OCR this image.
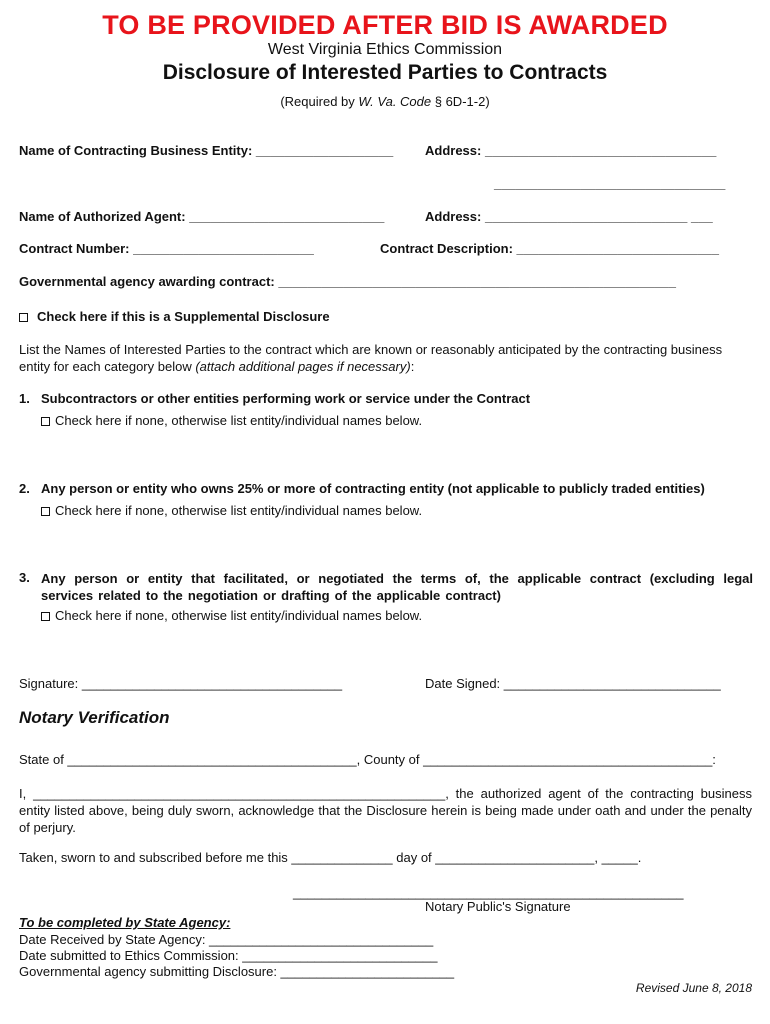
TO BE PROVIDED AFTER BID IS AWARDED
West Virginia Ethics Commission
Disclosure of Interested Parties to Contracts
(Required by W. Va. Code § 6D-1-2)
Name of Contracting Business Entity: ___________________ Address: ________________________________
________________________________
Name of Authorized Agent: ___________________________	Address: ____________________________ ___
Contract Number: _________________________	Contract Description: ____________________________
Governmental agency awarding contract: _______________________________________________________
Check here if this is a Supplemental Disclosure
List the Names of Interested Parties to the contract which are known or reasonably anticipated by the contracting business entity for each category below (attach additional pages if necessary):
1. Subcontractors or other entities performing work or service under the Contract
Check here if none, otherwise list entity/individual names below.
2. Any person or entity who owns 25% or more of contracting entity (not applicable to publicly traded entities)
Check here if none, otherwise list entity/individual names below.
3. Any person or entity that facilitated, or negotiated the terms of, the applicable contract (excluding legal services related to the negotiation or drafting of the applicable contract)
Check here if none, otherwise list entity/individual names below.
Signature: ____________________________________	Date Signed: ______________________________
Notary Verification
State of ________________________________________, County of ________________________________________:
I, _________________________________________________________, the authorized agent of the contracting business entity listed above, being duly sworn, acknowledge that the Disclosure herein is being made under oath and under the penalty of perjury.
Taken, sworn to and subscribed before me this ______________ day of ______________________, _____.
______________________________________________________
Notary Public's Signature
To be completed by State Agency:
Date Received by State Agency: _______________________________
Date submitted to Ethics Commission: ___________________________
Governmental agency submitting Disclosure: ________________________
Revised June 8, 2018
